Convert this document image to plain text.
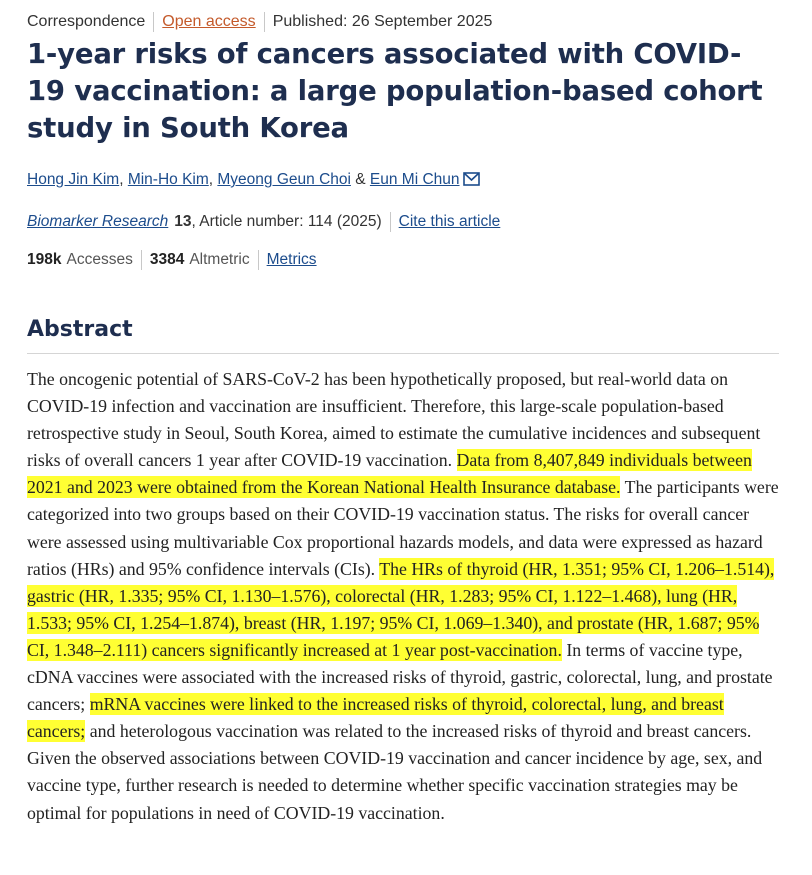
Correspondence Open access Published: 26 September 2025
1-year risks of cancers associated with COVID-19 vaccination: a large population-based cohort study in South Korea
Hong Jin Kim, Min-Ho Kim, Myeong Geun Choi & Eun Mi Chun
Biomarker Research 13 , Article number: 114 (2025) Cite this article
198k Accesses 3384 Altmetric Metrics
Abstract

The oncogenic potential of SARS-CoV-2 has been hypothetically proposed, but real-world data on COVID-19 infection and vaccination are insufficient. Therefore, this large-scale population-based retrospective study in Seoul, South Korea, aimed to estimate the cumulative incidences and subsequent risks of overall cancers 1 year after COVID-19 vaccination. Data from 8,407,849 individuals between 2021 and 2023 were obtained from the Korean National Health Insurance database. The participants were categorized into two groups based on their COVID-19 vaccination status. The risks for overall cancer were assessed using multivariable Cox proportional hazards models, and data were expressed as hazard ratios (HRs) and 95% confidence intervals (CIs). The HRs of thyroid (HR, 1.351; 95% CI, 1.206–1.514), gastric (HR, 1.335; 95% CI, 1.130–1.576), colorectal (HR, 1.283; 95% CI, 1.122–1.468), lung (HR, 1.533; 95% CI, 1.254–1.874), breast (HR, 1.197; 95% CI, 1.069–1.340), and prostate (HR, 1.687; 95% CI, 1.348–2.111) cancers significantly increased at 1 year post-vaccination. In terms of vaccine type, cDNA vaccines were associated with the increased risks of thyroid, gastric, colorectal, lung, and prostate cancers; mRNA vaccines were linked to the increased risks of thyroid, colorectal, lung, and breast cancers; and heterologous vaccination was related to the increased risks of thyroid and breast cancers. Given the observed associations between COVID-19 vaccination and cancer incidence by age, sex, and vaccine type, further research is needed to determine whether specific vaccination strategies may be optimal for populations in need of COVID-19 vaccination.
